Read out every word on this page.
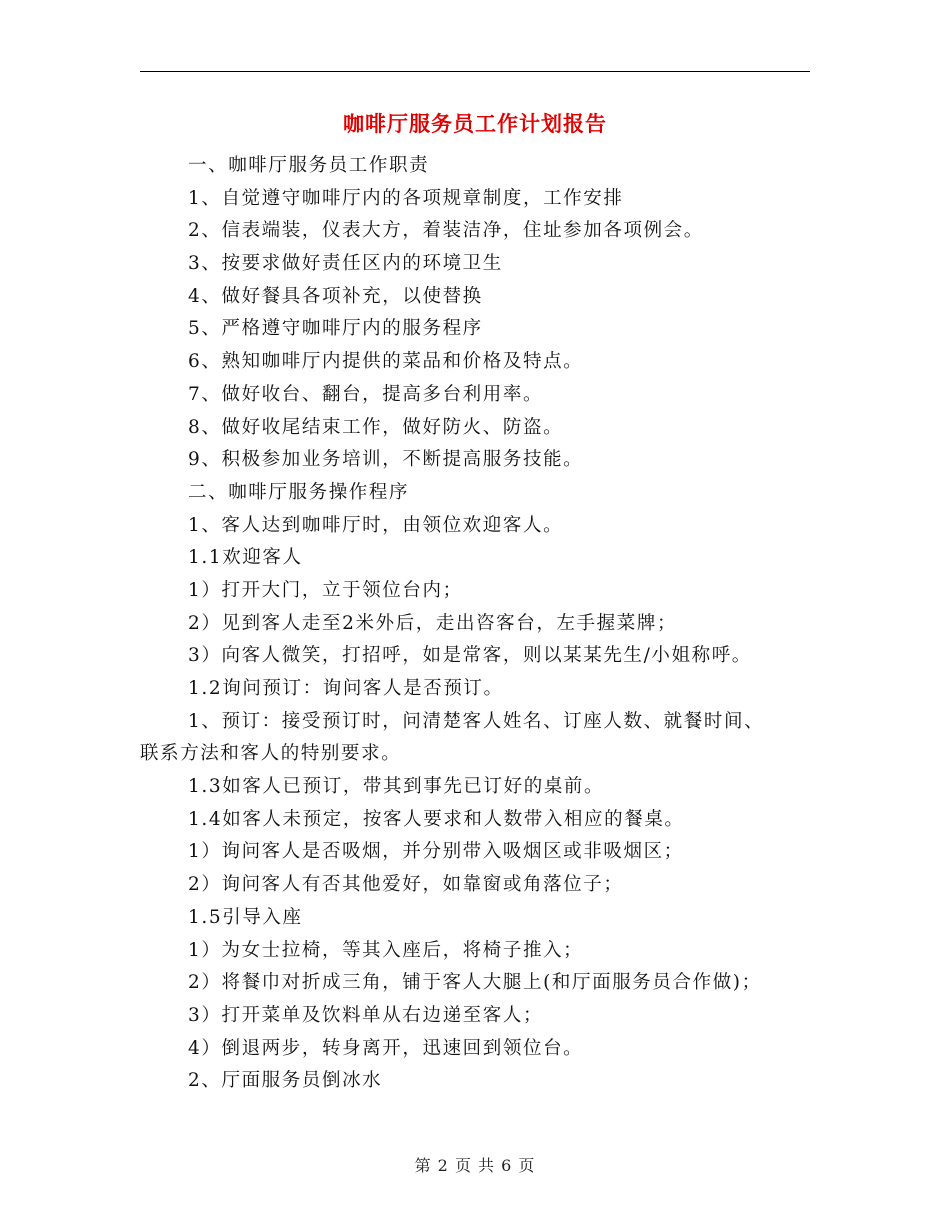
咖啡厅服务员工作计划报告
一、咖啡厅服务员工作职责
1、自觉遵守咖啡厅内的各项规章制度，工作安排
2、信表端装，仪表大方，着装洁净，住址参加各项例会。
3、按要求做好责任区内的环境卫生
4、做好餐具各项补充，以使替换
5、严格遵守咖啡厅内的服务程序
6、熟知咖啡厅内提供的菜品和价格及特点。
7、做好收台、翻台，提高多台利用率。
8、做好收尾结束工作，做好防火、防盗。
9、积极参加业务培训，不断提高服务技能。
二、咖啡厅服务操作程序
1、客人达到咖啡厅时，由领位欢迎客人。
1.1欢迎客人
1）打开大门，立于领位台内；
2）见到客人走至2米外后，走出咨客台，左手握菜牌；
3）向客人微笑，打招呼，如是常客，则以某某先生/小姐称呼。
1.2询问预订：询问客人是否预订。
1、预订：接受预订时，问清楚客人姓名、订座人数、就餐时间、
联系方法和客人的特别要求。
1.3如客人已预订，带其到事先已订好的桌前。
1.4如客人未预定，按客人要求和人数带入相应的餐桌。
1）询问客人是否吸烟，并分别带入吸烟区或非吸烟区；
2）询问客人有否其他爱好，如靠窗或角落位子；
1.5引导入座
1）为女士拉椅，等其入座后，将椅子推入；
2）将餐巾对折成三角，铺于客人大腿上(和厅面服务员合作做)；
3）打开菜单及饮料单从右边递至客人；
4）倒退两步，转身离开，迅速回到领位台。
2、厅面服务员倒冰水
第 2 页 共 6 页
